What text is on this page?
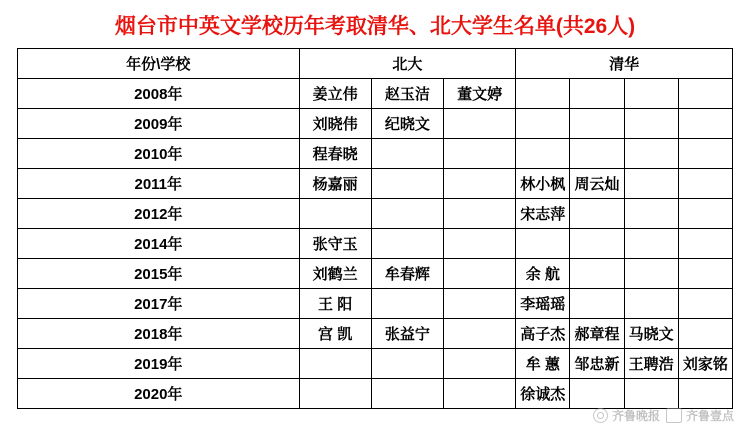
烟台市中英文学校历年考取清华、北大学生名单(共26人)
年份\学校	北大			清华			
2008年	姜立伟	赵玉洁	董文婷				
2009年	刘晓伟	纪晓文					
2010年	程春晓						
2011年	杨嘉丽			林小枫	周云灿		
2012年				宋志萍			
2014年	张守玉						
2015年	刘鹤兰	牟春辉		余 航			
2017年	王 阳			李瑶瑶			
2018年	宫 凯	张益宁		高子杰	郝章程	马晓文	
2019年				牟 蕙	邹忠新	王聘浩	刘家铭
2020年				徐诚杰			
齐鲁晚报 齐鲁壹点
